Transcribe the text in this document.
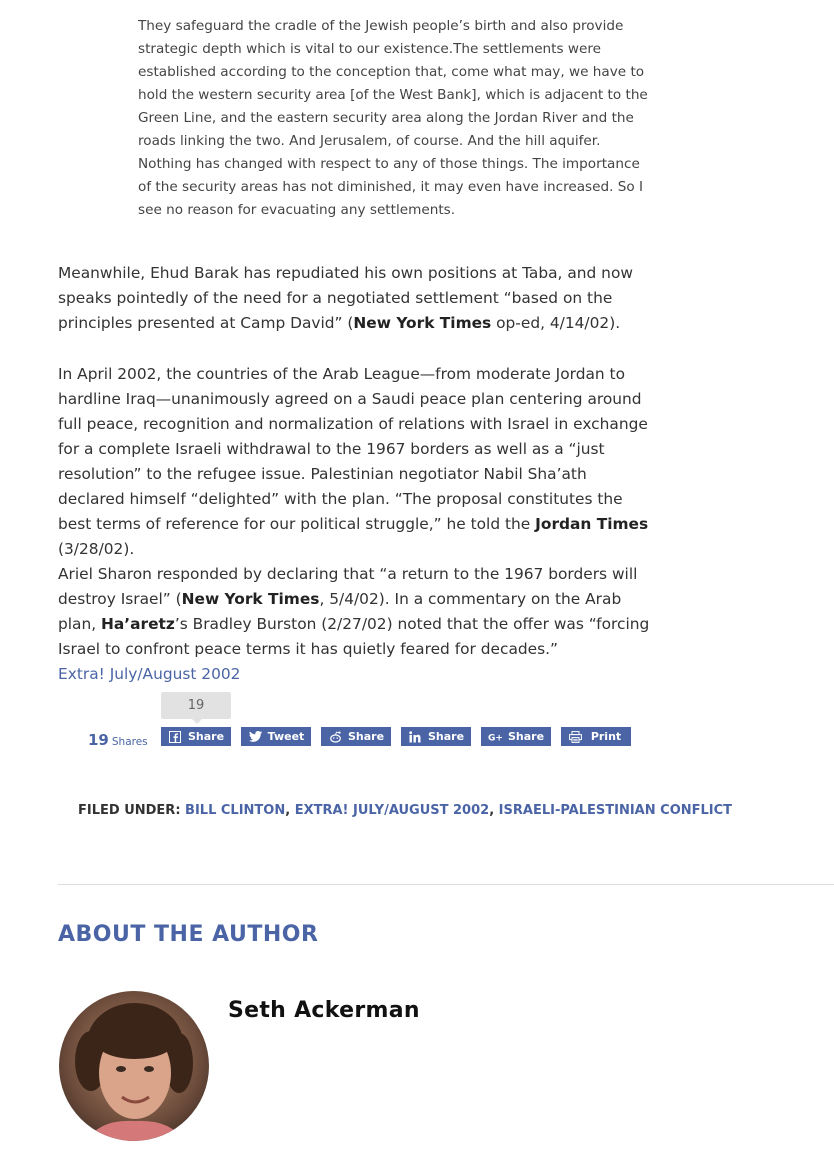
They safeguard the cradle of the Jewish people’s birth and also provide strategic depth which is vital to our existence.The settlements were established according to the conception that, come what may, we have to hold the western security area [of the West Bank], which is adjacent to the Green Line, and the eastern security area along the Jordan River and the roads linking the two. And Jerusalem, of course. And the hill aquifer. Nothing has changed with respect to any of those things. The importance of the security areas has not diminished, it may even have increased. So I see no reason for evacuating any settlements.
Meanwhile, Ehud Barak has repudiated his own positions at Taba, and now speaks pointedly of the need for a negotiated settlement “based on the principles presented at Camp David” (New York Times op-ed, 4/14/02).
In April 2002, the countries of the Arab League—from moderate Jordan to hardline Iraq—unanimously agreed on a Saudi peace plan centering around full peace, recognition and normalization of relations with Israel in exchange for a complete Israeli withdrawal to the 1967 borders as well as a “just resolution” to the refugee issue. Palestinian negotiator Nabil Sha’ath declared himself “delighted” with the plan. “The proposal constitutes the best terms of reference for our political struggle,” he told the Jordan Times (3/28/02).
Ariel Sharon responded by declaring that “a return to the 1967 borders will destroy Israel” (New York Times, 5/4/02). In a commentary on the Arab plan, Ha’aretz’s Bradley Burston (2/27/02) noted that the offer was “forcing Israel to confront peace terms it has quietly feared for decades.”
Extra! July/August 2002
19 Shares
19
Share	Tweet	Share	Share	G+ Share	Print
FILED UNDER: BILL CLINTON, EXTRA! JULY/AUGUST 2002, ISRAELI-PALESTINIAN CONFLICT
ABOUT THE AUTHOR
Seth Ackerman
